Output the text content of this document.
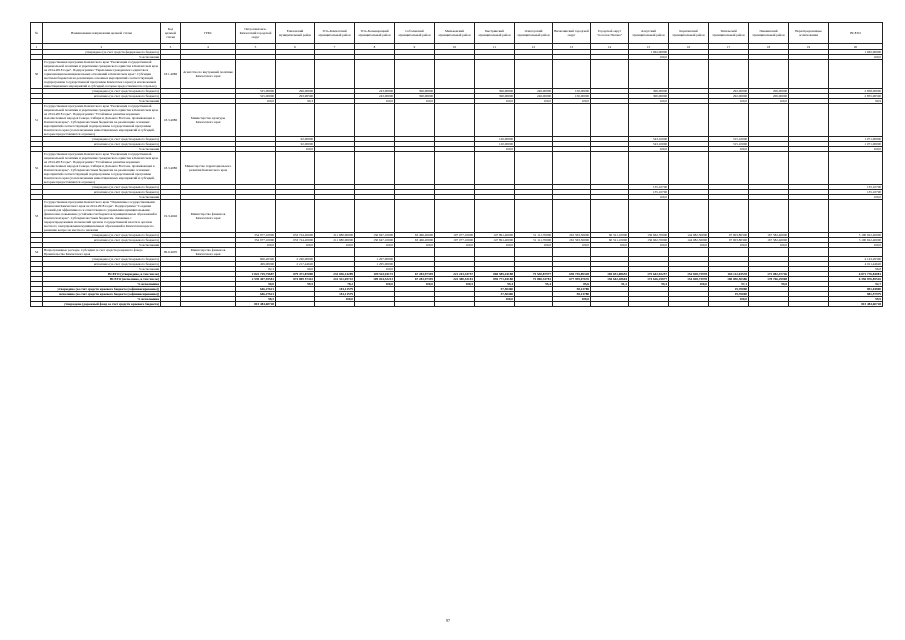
№	Наименование направления целевой статьи	Код целевой статьи	ГРБС	Петропавловск-Камчатский городской округ	Елизовский муниципальный район	Усть-Камчатский муниципальный район	Усть-Большерецкий муниципальный район	Соболевский муниципальный район	Мильковский муниципальный район	Быстринский муниципальный район	Олюторский муниципальный район	Вилючинский городской округ	Городской округ "поселок Палана"	Алеутский муниципальный район	Карагинский муниципальный район	Тигильский муниципальный район	Пенжинский муниципальный район	Нераспределенные ассигнования	ВСЕГО
1	2	3	4	5	6	7	8	9	10	11	12	13	14	15	16	17	18	19	20
	утверждено (за счет средств федерального бюджета)													1 662,00000					1 662,00000
	% исполнения													100,0					100,0
50	Государственная программа Камчатского края "Реализация государственной национальной политики и укрепление гражданского единства в Камчатском крае на 2014-2018 годы". Подпрограмма "Укрепление гражданского единства и гармонизация межнациональных отношений в Камчатском крае". Субсидии местным бюджетам на реализацию основных мероприятий соответствующей подпрограммы государственной программы Камчатского края (за исключением инвестиционных мероприятий и субсидий, которые предоставляются отдельно)	18.1.4086	Агентство по внутренней политике Камчатского края																
	утверждено (за счет средств краевого бюджета)			525,00000	296,00000		243,00000	300,00000		300,00000	246,00000	150,00000		300,00000		292,00000	206,00000		2 858,00000
	исполнено (за счет средств краевого бюджета)			525,00000	293,96590		243,00000	300,00000		300,00000	246,00000	150,00000		300,00000		292,00000	206,00000		2 855,96590
	% исполнения			100,0	99,3		100,0	100,0		100,0	100,0	100,0		100,0		100,0	100,0		99,9
51	Государственная программа Камчатского края "Реализация государственной национальной политики и укрепление гражданского единства в Камчатском крае на 2014-2018 годы". Подпрограмма "Устойчивое развитие коренных малочисленных народов Севера, Сибири и Дальнего Востока, проживающих в Камчатском крае". Субсидии местным бюджетам на реализацию основных мероприятий соответствующей подпрограммы государственной программы Камчатского края (за исключением инвестиционных мероприятий и субсидий, которые предоставляются отдельно)	18.3.4086	Министерство культуры Камчатского края																
	утверждено (за счет средств краевого бюджета)				92,00000					120,00000				543,10000		315,10000			1 071,00000
	исполнено (за счет средств краевого бюджета)				92,00000					120,00000				543,10000		315,10000			1 071,00000
	% исполнения				100,0					100,0				100,0		100,0			100,0
52	Государственная программа Камчатского края "Реализация государственной национальной политики и укрепление гражданского единства в Камчатском крае на 2014-2018 годы". Подпрограмма "Устойчивое развитие коренных малочисленных народов Севера, Сибири и Дальнего Востока, проживающих в Камчатском крае". Субсидии местным бюджетам на реализацию основных мероприятий соответствующей подпрограммы государственной программы Камчатского края (за исключением инвестиционных мероприятий и субсидий, которые предоставляются отдельно)	18.3.4086	Министерство территориального развития Камчатского края																
	утверждено (за счет средств краевого бюджета)													135,10700					135,10700
	исполнено (за счет средств краевого бюджета)													135,10700					135,10700
	% исполнения													100,0					100,0
53	Государственная программа Камчатского края "Управление государственными финансами Камчатского края на 2014-2018 годы". Подпрограмма "Создание условий для эффективного и ответственного управления муниципальными финансами, повышение устойчивости бюджетов муниципальных образований в Камчатском крае". Субсидии местным бюджетам, связанные с перераспределением полномочий органов государственной власти и органов местного самоуправления муниципальных образований в Камчатском крае по решению вопросов местного значения	19.3.4046	Министерство финансов Камчатского края																
	утверждено (за счет средств краевого бюджета)			354 977,10000	653 724,20000	211 680,90000	150 647,10000	63 466,20000	197 077,10000	147 891,40000	51 111,70000	261 563,50000	60 521,10000	136 662,70000	144 082,50000	97 903,80300	167 582,40000		3 190 622,40000
	исполнено (за счет средств краевого бюджета)			354 977,10000	653 724,20000	211 680,90000	150 647,10000	63 466,20000	197 077,10000	147 891,40000	51 111,70000	261 563,50000	60 521,10000	136 662,70000	144 082,50000	97 903,80300	167 582,40000		3 190 622,40000
	% исполнения			100,0	100,0	100,0	100,0	100,0	100,0	100,0	100,0	100,0	100,0	100,0	100,0	100,0	100,0		100,0
54	Непрограммные расходы. Субсидии за счет средств резервного фонда Правительства Камчатского края	99.0.4005	Министерство финансов Камчатского края																
	утверждено (за счет средств краевого бюджета)			606,26300	2 240,00000		1 297,00000												4 143,26300
	исполнено (за счет средств краевого бюджета)			499,00000	2 217,44620		1 295,00000												4 011,44620
	% исполнения			82,3	99,0		100,0												96,8
	ВСЕГО (утверждено, в том числе)			2 822 729,75687	879 471,87000	233 036,14289	109 522,01172	67 283,97395	221 243,34757	860 585,24188	75 530,87977	659 739,89328	169 651,08655	175 642,92257	154 828,73978	184 112,03578	172 082,47746		6 871 776,84081
	ВСЕГО (исполнено, в том числе)			2 539 407,95581	874 809 57422	241 321,05722	109 024,32213	67 283,97395	222 380,53181	859 771,04188	72 000,33781	677 959,07676	150 642,28604	174 626,25877	154 828,73978	180 850,50386	178 766,29908		6 350 876,85516
	% исполнения			90,0	99,5	78,2	100,0	100,0	100,5	99,4	95,4	85,6	91,2	99,4	100,0	97,1	99,8		92,7
	утверждено (за счет средств краевого бюджета (софинансирование))			646,27621		181,11579				57,50460		58,13780				19,70000			891,04800
	исполнено (за счет средств краевого бюджета (софинансирование))			646,27621		181,11579				57,50460		58,13780				19,70000			881,57979
	% исполнения			98,5		100,0				100,0		100,0				100,0			99,9
	утверждено (дорожный фонд за счет средств краевого бюджета)			815 484,60728															815 484,60728
97
